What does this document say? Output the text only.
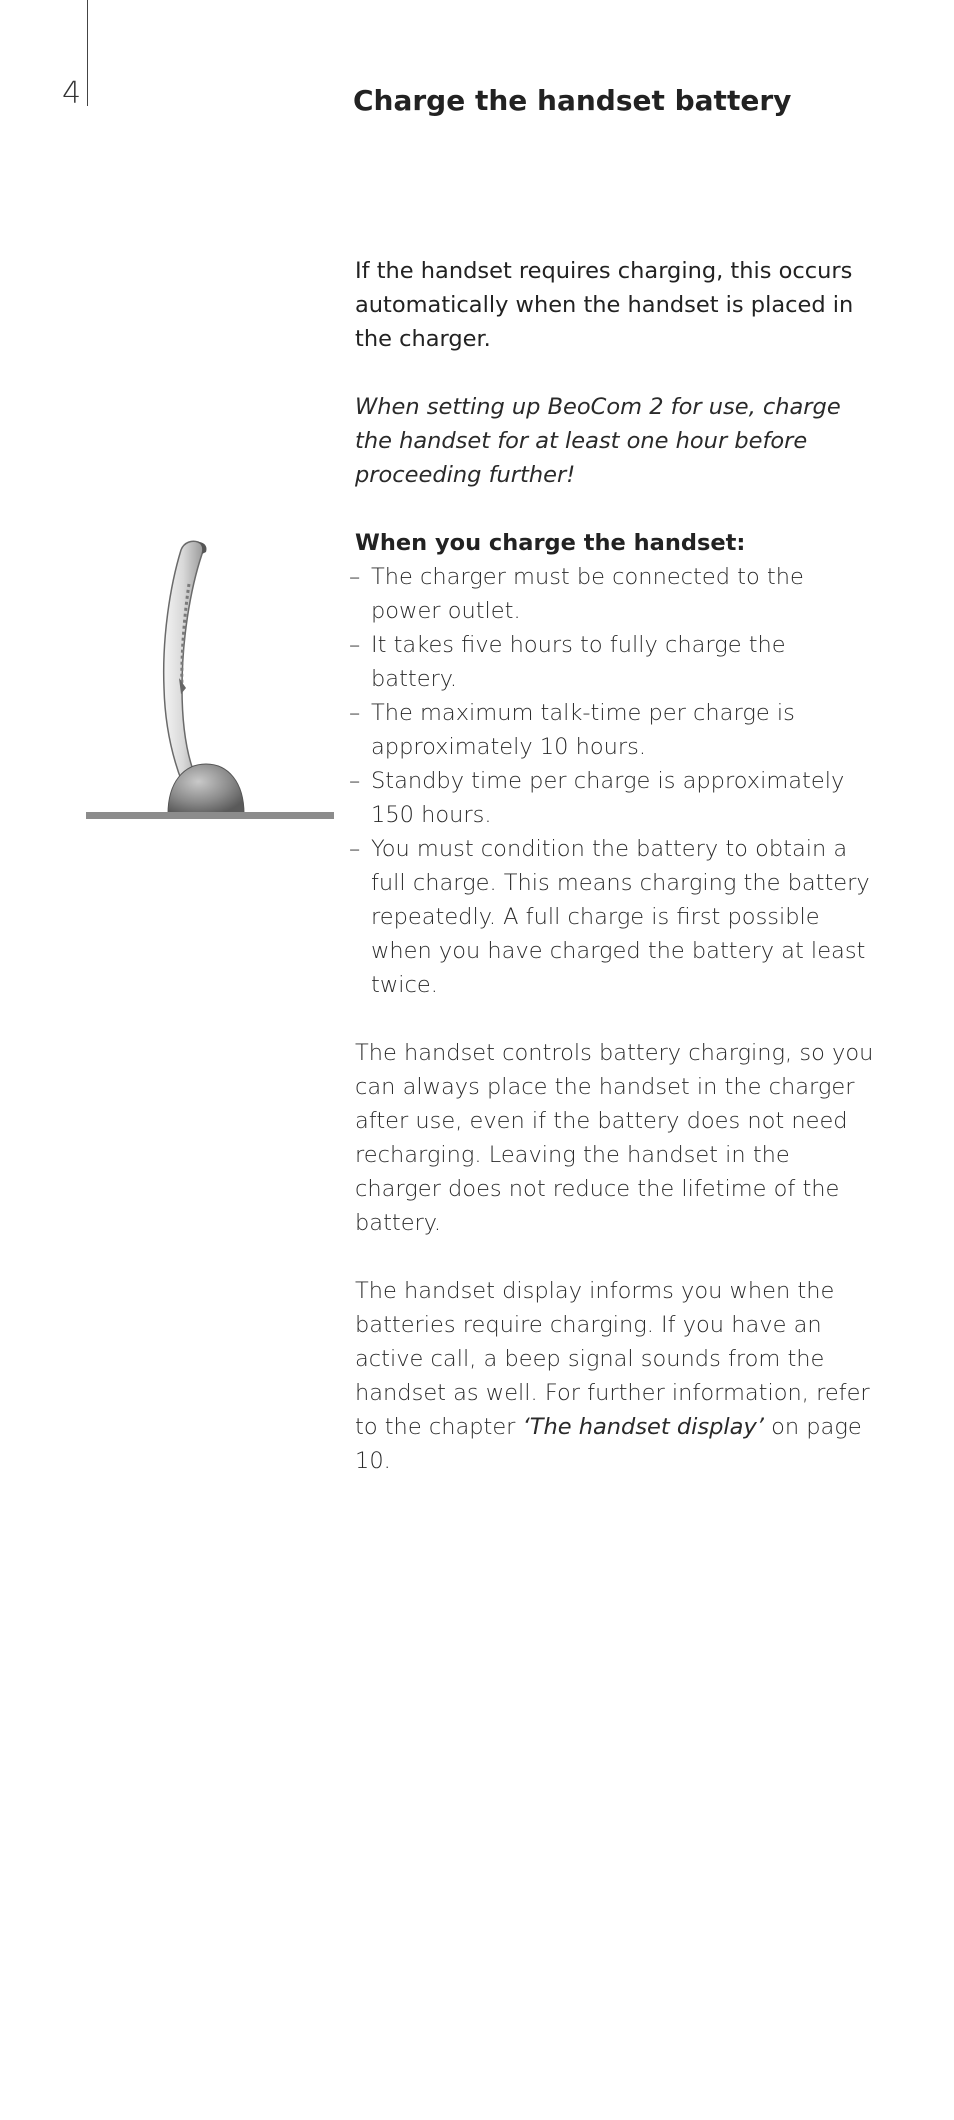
4	Charge the handset battery

If the handset requires charging, this occurs automatically when the handset is placed in the charger.

When setting up BeoCom 2 for use, charge the handset for at least one hour before proceeding further!

When you charge the handset:

– The charger must be connected to the power outlet.
– It takes five hours to fully charge the battery.
– The maximum talk-time per charge is approximately 10 hours.
– Standby time per charge is approximately 150 hours.
– You must condition the battery to obtain a full charge. This means charging the battery repeatedly. A full charge is first possible when you have charged the battery at least twice.

The handset controls battery charging, so you can always place the handset in the charger after use, even if the battery does not need recharging. Leaving the handset in the charger does not reduce the lifetime of the battery.

The handset display informs you when the batteries require charging. If you have an active call, a beep signal sounds from the handset as well. For further information, refer to the chapter ‘The handset display’ on page 10.
